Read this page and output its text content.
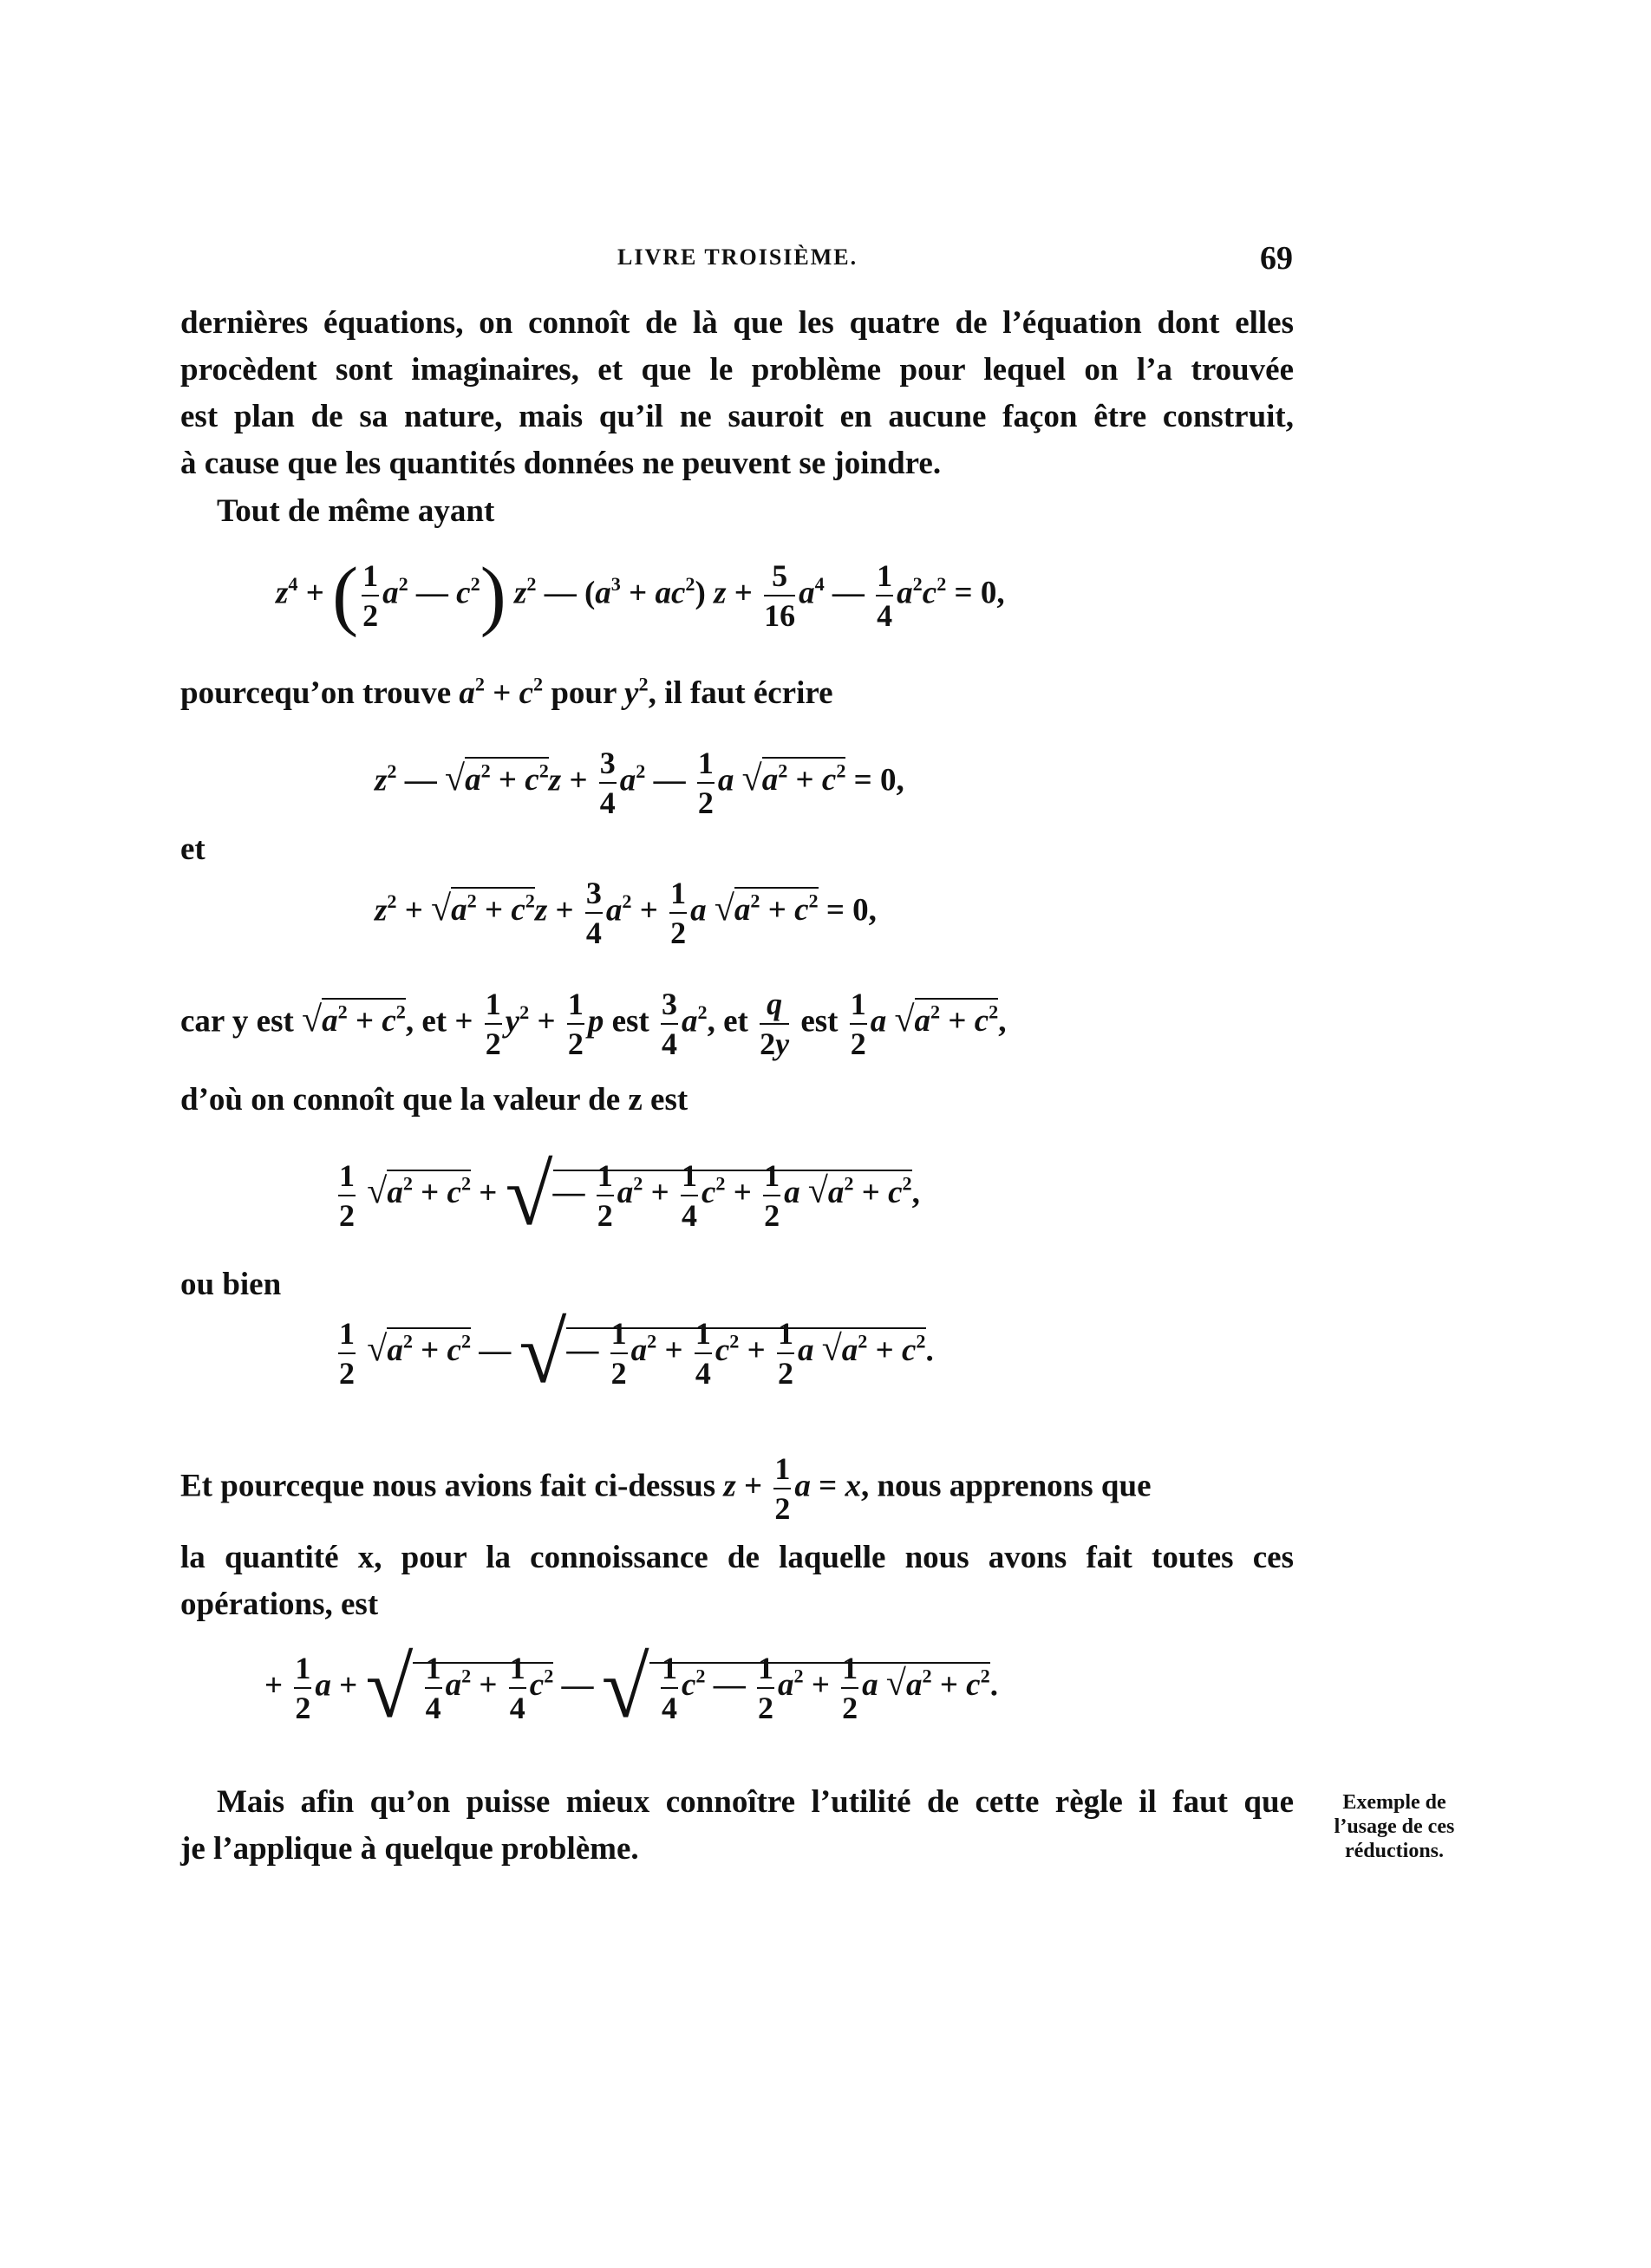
LIVRE TROISIÈME.	69
dernières équations, on connoît de là que les quatre de l’équation dont elles
procèdent sont imaginaires, et que le problème pour lequel on l’a trouvée
est plan de sa nature, mais qu’il ne sauroit en aucune façon être construit,
à cause que les quantités données ne peuvent se joindre.
Tout de même ayant
$z^4$ + ( $\frac{1}{2} a^2$ — $c^2$) $z^2$ — $(a^3 + ac^2) z + \frac{5}{16} a^4$ — $\frac{1}{4} a^2c^2 = 0$,
pourcequ’on trouve $a^2 + c^2$ pour $y^2$, il faut écrire
$z^2$ — $√a^2 + c^2z + \frac{3}{4} a^2$ — $\frac{1}{2}$ a $√a^2 + c^2 = 0$,
et
$z^2 + √a^2 + c^2z + \frac{3}{4} a^2 + \frac{1}{2}$ a $√a^2 + c^2 = 0$,
car y est $√a^2 + c^2$, et + $\frac{1}{2} y^2 + \frac{1}{2}$ p est $\frac{3}{4} a^2$, et $\frac{q}{2y}$ est $\frac{1}{2}$ a $√a^2 + c^2$,
d’où on connoît que la valeur de z est
$\frac{1}{2} √a^2 + c^2$ + √— $\frac{1}{2} a^2 + \frac{1}{4} c^2 + \frac{1}{2}$ a $√a^2 + c^2$,
ou bien
$\frac{1}{2} √a^2 + c^2$ — √— $\frac{1}{2} a^2 + \frac{1}{4} c^2 + \frac{1}{2}$ a $√a^2 + c^2$.
Et pourceque nous avions fait ci-dessus $z + \frac{1}{2}$ a = x, nous apprenons que
la quantité x, pour la connoissance de laquelle nous avons fait toutes ces
opérations, est
+ $\frac{1}{2}$ a + √ $\frac{1}{4} a^2 + \frac{1}{4} c^2$ — √ $\frac{1}{4} c^2$ — $\frac{1}{2} a^2 + \frac{1}{2}$ a $√a^2 + c^2$.
Mais afin qu’on puisse mieux connoître l’utilité de cette règle il faut que
je l’applique à quelque problème.
Exemple de
l’usage de ces
réductions.
